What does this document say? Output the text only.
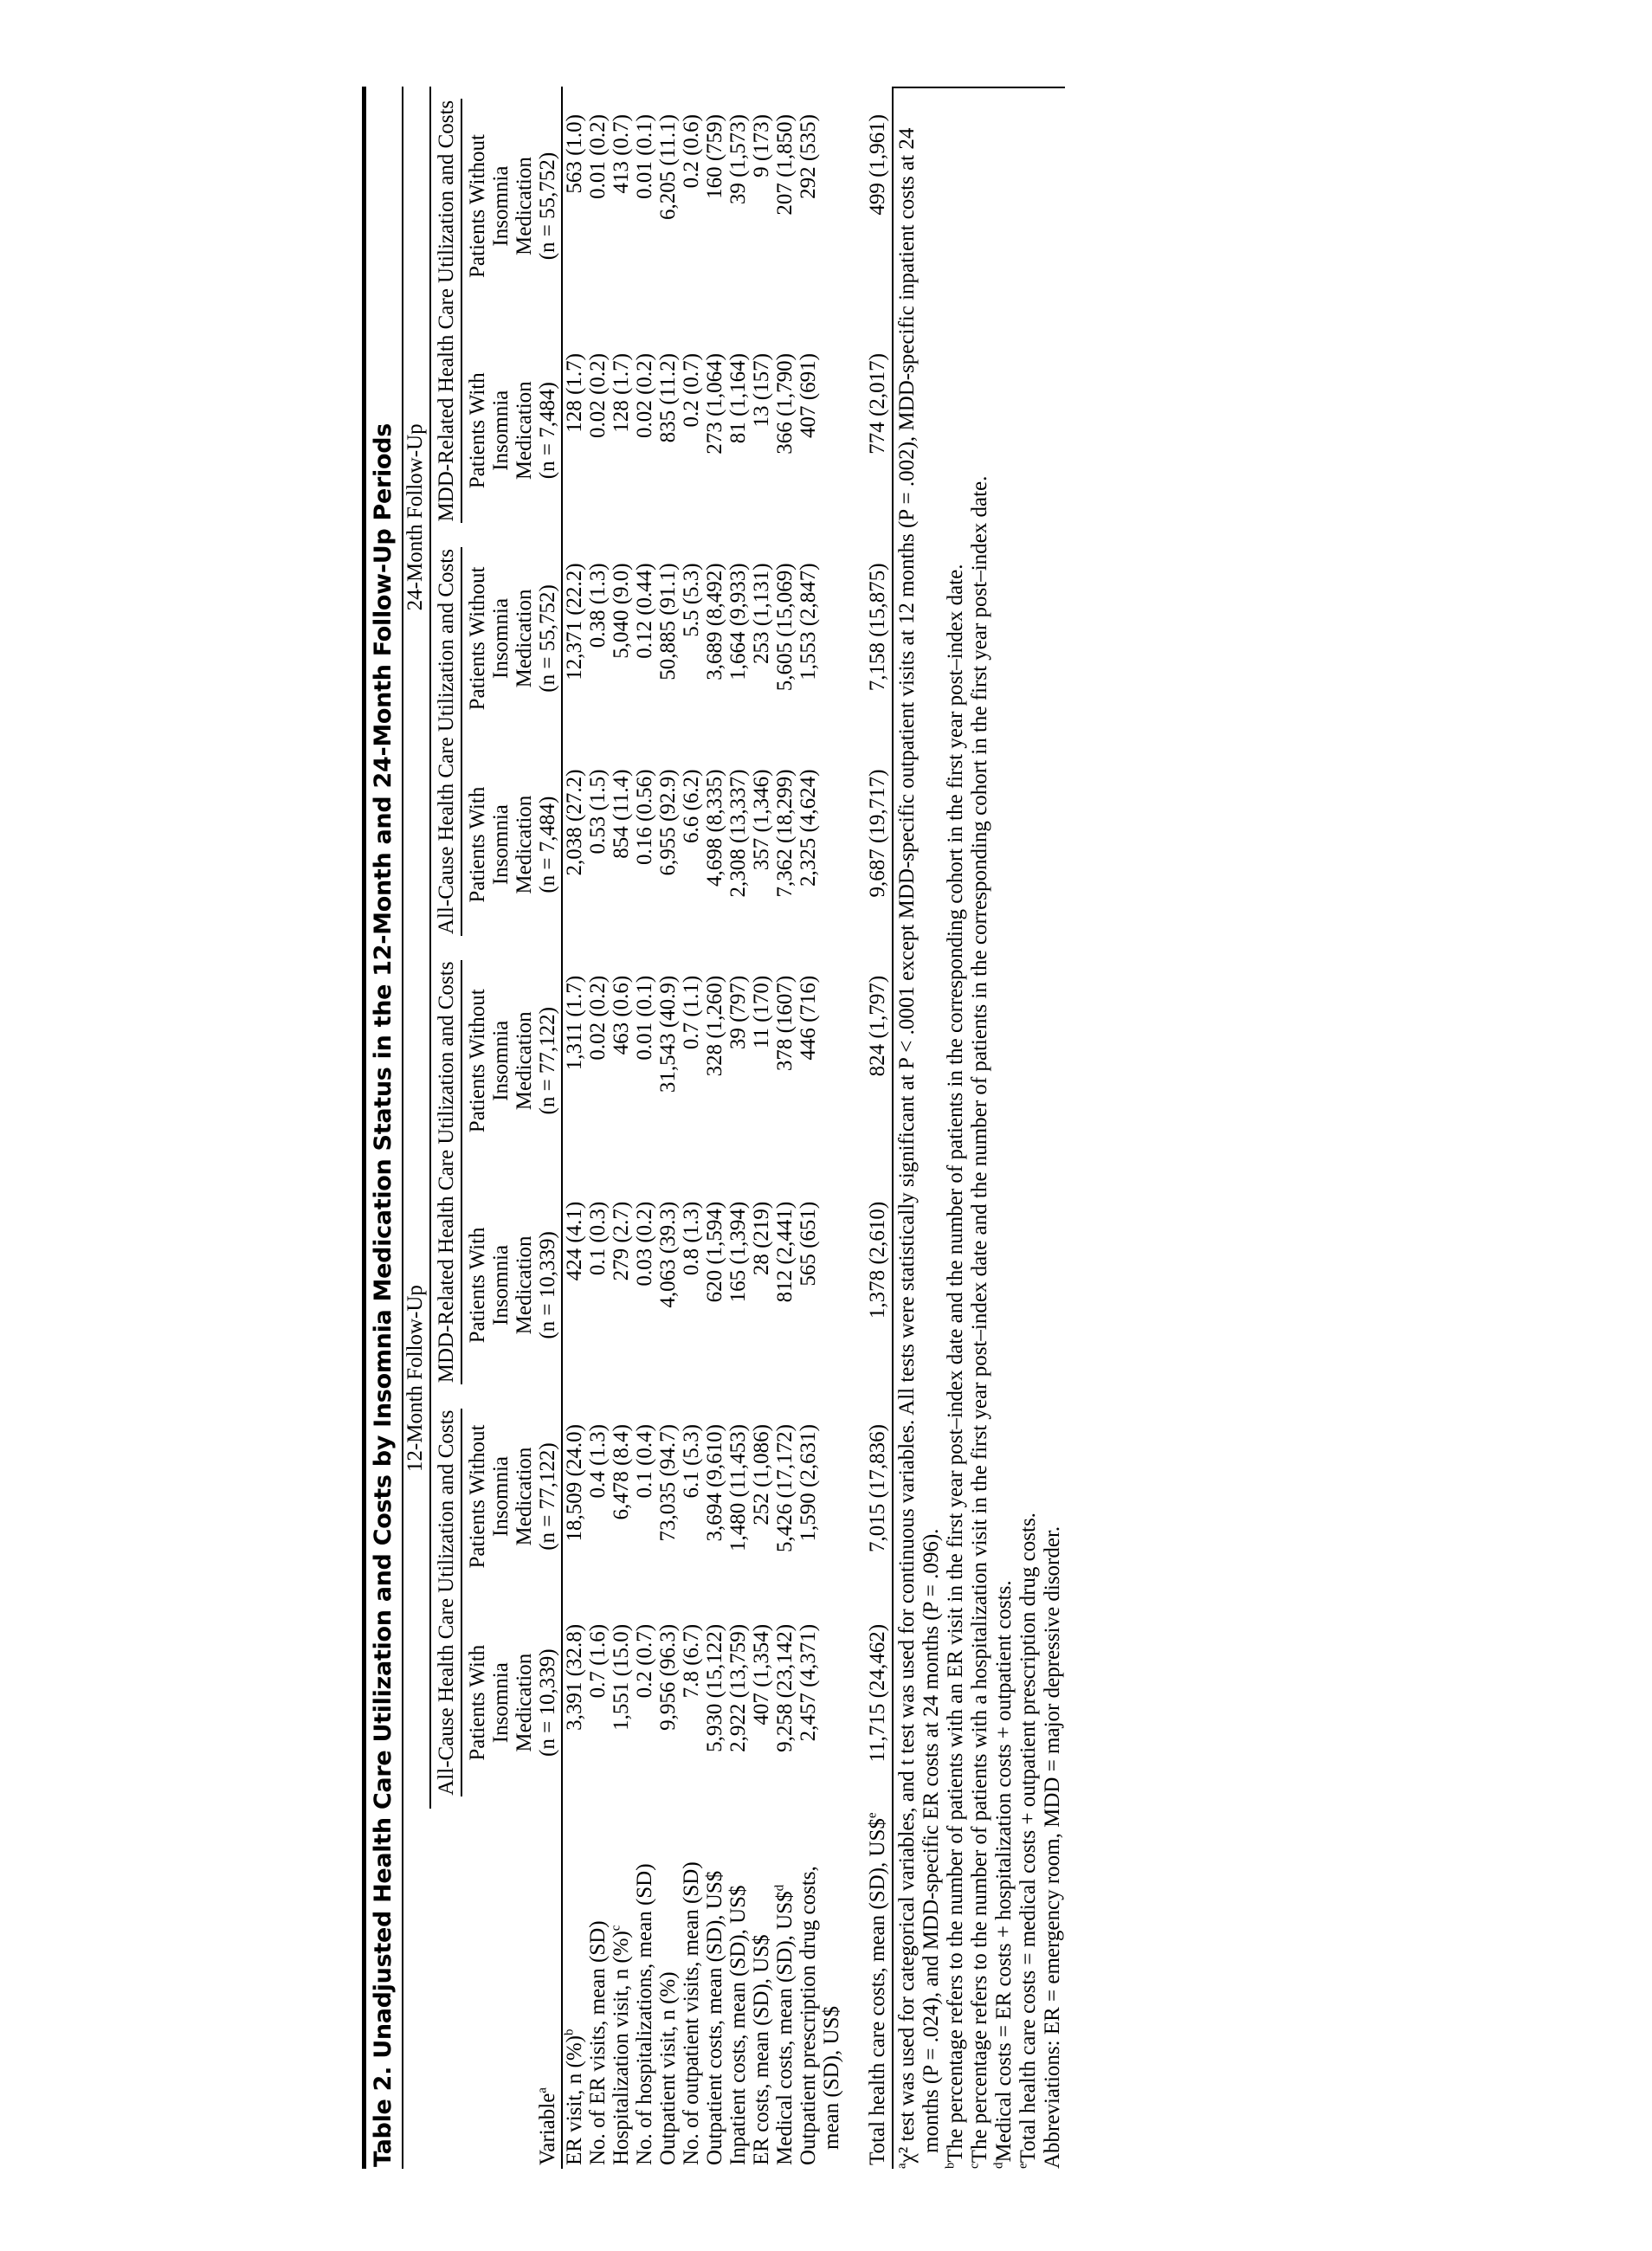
Table 2. Unadjusted Health Care Utilization and Costs by Insomnia Medication Status in the 12-Month and 24-Month Follow-Up Periods
	12-Month Follow-Up				24-Month Follow-Up			

	All-Cause Health Care Utilization and Costs		MDD-Related Health Care Utilization and Costs		All-Cause Health Care Utilization and Costs		MDD-Related Health Care Utilization and Costs	

	Patients With	Patients Without	Patients With	Patients Without	Patients With	Patients Without	Patients With	Patients Without
	Insomnia	Insomnia	Insomnia	Insomnia	Insomnia	Insomnia	Insomnia	Insomnia
	Medication	Medication	Medication	Medication	Medication	Medication	Medication	Medication
Variable$^a$	(n = 10,339)	(n = 77,122)	(n = 10,339)	(n = 77,122)	(n = 7,484)	(n = 55,752)	(n = 7,484)	(n = 55,752)
ER visit, n (%)$^b$	3,391 (32.8)	18,509 (24.0)	424 (4.1)	1,311 (1.7)	2,038 (27.2)	12,371 (22.2)	128 (1.7)	563 (1.0)
No. of ER visits, mean (SD)	0.7 (1.6)	0.4 (1.3)	0.1 (0.3)	0.02 (0.2)	0.53 (1.5)	0.38 (1.3)	0.02 (0.2)	0.01 (0.2)
Hospitalization visit, n (%)$^c$	1,551 (15.0)	6,478 (8.4)	279 (2.7)	463 (0.6)	854 (11.4)	5,040 (9.0)	128 (1.7)	413 (0.7)
No. of hospitalizations, mean (SD)	0.2 (0.7)	0.1 (0.4)	0.03 (0.2)	0.01 (0.1)	0.16 (0.56)	0.12 (0.44)	0.02 (0.2)	0.01 (0.1)
Outpatient visit, n (%)	9,956 (96.3)	73,035 (94.7)	4,063 (39.3)	31,543 (40.9)	6,955 (92.9)	50,885 (91.1)	835 (11.2)	6,205 (11.1)
No. of outpatient visits, mean (SD)	7.8 (6.7)	6.1 (5.3)	0.8 (1.3)	0.7 (1.1)	6.6 (6.2)	5.5 (5.3)	0.2 (0.7)	0.2 (0.6)
Outpatient costs, mean (SD), US$	5,930 (15,122)	3,694 (9,610)	620 (1,594)	328 (1,260)	4,698 (8,335)	3,689 (8,492)	273 (1,064)	160 (759)
Inpatient costs, mean (SD), US$	2,922 (13,759)	1,480 (11,453)	165 (1,394)	39 (797)	2,308 (13,337)	1,664 (9,933)	81 (1,164)	39 (1,573)
ER costs, mean (SD), US$	407 (1,354)	252 (1,086)	28 (219)	11 (170)	357 (1,346)	253 (1,131)	13 (157)	9 (173)
Medical costs, mean (SD), US\$$^d$	9,258 (23,142)	5,426 (17,172)	812 (2,441)	378 (1607)	7,362 (18,299)	5,605 (15,069)	366 (1,790)	207 (1,850)
Outpatient prescription drug costs,	2,457 (4,371)	1,590 (2,631)	565 (651)	446 (716)	2,325 (4,624)	1,553 (2,847)	407 (691)	292 (535)
mean (SD), US$								
Total health care costs, mean (SD), US\$$^e$	11,715 (24,462)	7,015 (17,836)	1,378 (2,610)	824 (1,797)	9,687 (19,717)	7,158 (15,875)	774 (2,017)	499 (1,961)

$^a$χ² test was used for categorical variables, and t test was used for continuous variables. All tests were statistically significant at P < .0001 except MDD-specific outpatient visits at 12 months (P = .002), MDD-specific inpatient costs at 24 months (P = .024), and MDD-specific ER costs at 24 months (P = .096).

$^b$The percentage refers to the number of patients with an ER visit in the first year post–index date and the number of patients in the corresponding cohort in the first year post–index date.

$^c$The percentage refers to the number of patients with a hospitalization visit in the first year post–index date and the number of patients in the corresponding cohort in the first year post–index date.

$^d$Medical costs = ER costs + hospitalization costs + outpatient costs.

$^e$Total health care costs = medical costs + outpatient prescription drug costs. Abbreviations: ER = emergency room, MDD = major depressive disorder.
